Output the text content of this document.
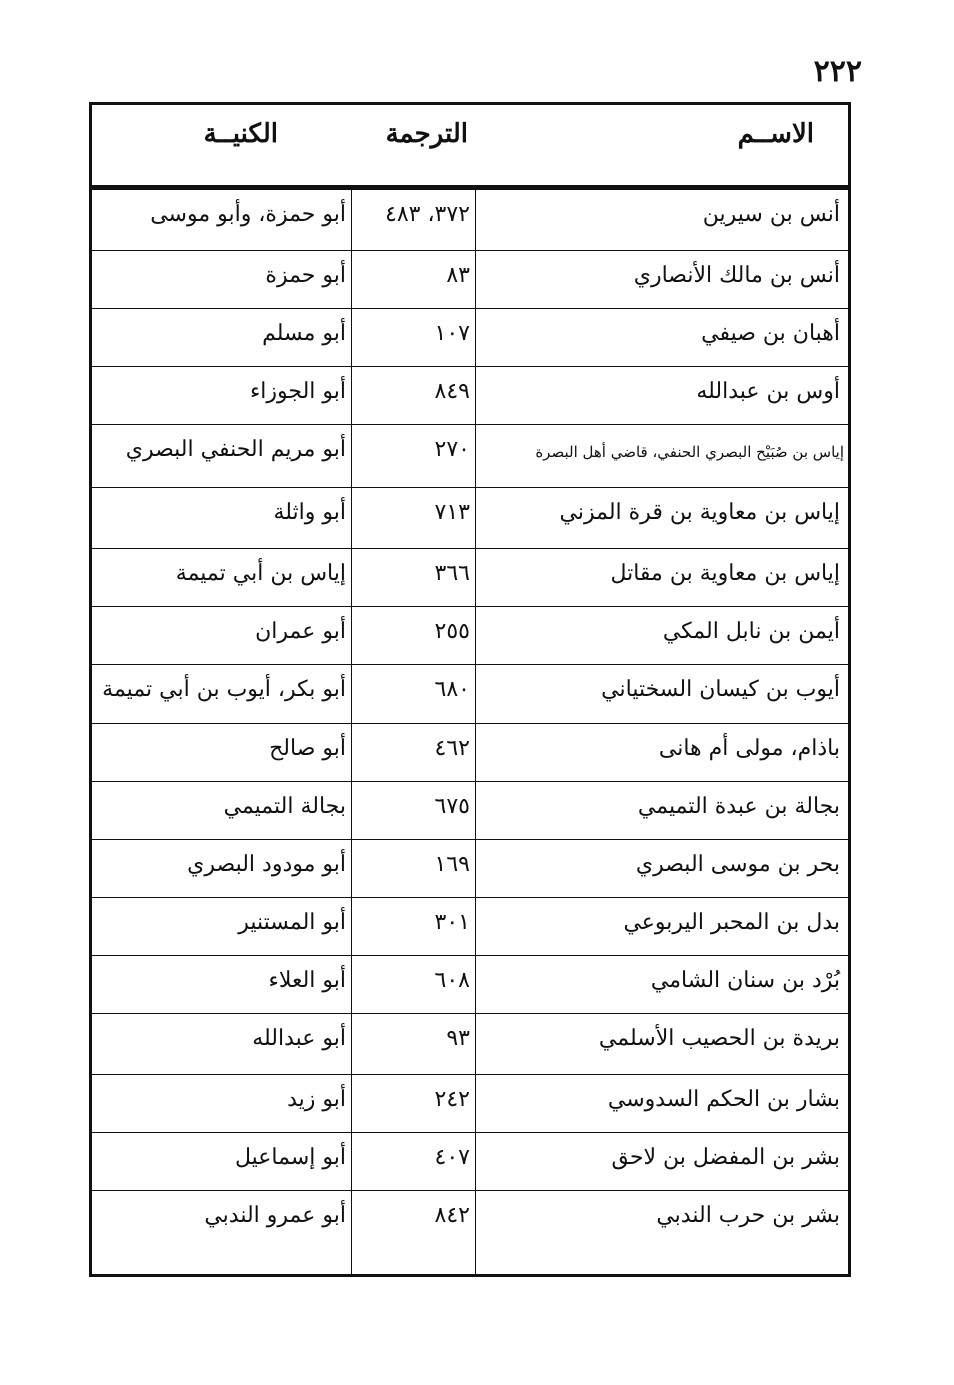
٢٢٢
الاســم
الترجمة
الكنيــة
أنس بن سيرين
٣٧٢، ٤٨٣
أبو حمزة، وأبو موسى
أنس بن مالك الأنصاري
٨٣
أبو حمزة
أهبان بن صيفي
١٠٧
أبو مسلم
أوس بن عبدالله
٨٤٩
أبو الجوزاء
إياس بن صُبَيْح البصري الحنفي، قاضي أهل البصرة
٢٧٠
أبو مريم الحنفي البصري
إياس بن معاوية بن قرة المزني
٧١٣
أبو واثلة
إياس بن معاوية بن مقاتل
٣٦٦
إياس بن أبي تميمة
أيمن بن نابل المكي
٢٥٥
أبو عمران
أيوب بن كيسان السختياني
٦٨٠
أبو بكر، أيوب بن أبي تميمة
باذام، مولى أم هانى
٤٦٢
أبو صالح
بجالة بن عبدة التميمي
٦٧٥
بجالة التميمي
بحر بن موسى البصري
١٦٩
أبو مودود البصري
بدل بن المحبر اليربوعي
٣٠١
أبو المستنير
بُرْد بن سنان الشامي
٦٠٨
أبو العلاء
بريدة بن الحصيب الأسلمي
٩٣
أبو عبدالله
بشار بن الحكم السدوسي
٢٤٢
أبو زيد
بشر بن المفضل بن لاحق
٤٠٧
أبو إسماعيل
بشر بن حرب الندبي
٨٤٢
أبو عمرو الندبي
